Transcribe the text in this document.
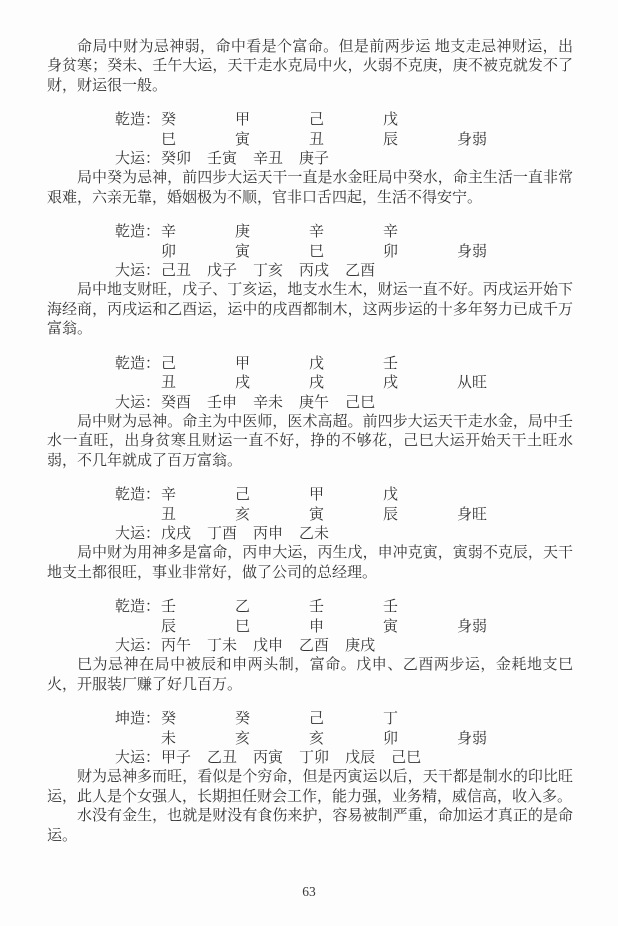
命局中财为忌神弱，命中看是个富命。但是前两步运 地支走忌神财运，出身贫寒；癸未、壬午大运，天干走水克局中火，火弱不克庚，庚不被克就发不了财，财运很一般。

乾造： 癸	甲	己	戊
巳	寅	丑	辰	身弱
大运： 癸卯 壬寅 辛丑 庚子

局中癸为忌神，前四步大运天干一直是水金旺局中癸水，命主生活一直非常艰难，六亲无靠，婚姻极为不顺，官非口舌四起，生活不得安宁。

乾造： 辛	庚	辛	辛
卯	寅	巳	卯	身弱
大运： 己丑 戊子 丁亥 丙戌 乙酉

局中地支财旺，戊子、丁亥运，地支水生木，财运一直不好。丙戌运开始下海经商，丙戌运和乙酉运，运中的戌酉都制木，这两步运的十多年努力已成千万富翁。

乾造： 己	甲	戊	壬
丑	戌	戌	戌	从旺
大运： 癸酉 壬申 辛未 庚午 己巳

局中财为忌神。命主为中医师，医术高超。前四步大运天干走水金，局中壬水一直旺，出身贫寒且财运一直不好，挣的不够花，己巳大运开始天干土旺水弱，不几年就成了百万富翁。

乾造： 辛	己	甲	戊
丑	亥	寅	辰	身旺
大运： 戊戌 丁酉 丙申 乙未

局中财为用神多是富命，丙申大运，丙生戊，申冲克寅，寅弱不克辰，天干地支土都很旺，事业非常好，做了公司的总经理。

乾造： 壬	乙	壬	壬
辰	巳	申	寅	身弱
大运： 丙午 丁未 戊申 乙酉 庚戌

巳为忌神在局中被辰和申两头制，富命。戊申、乙酉两步运，金耗地支巳火，开服装厂赚了好几百万。

坤造： 癸	癸	己	丁
未	亥	亥	卯	身弱
大运： 甲子 乙丑 丙寅 丁卯 戊辰 己巳

财为忌神多而旺，看似是个穷命，但是丙寅运以后，天干都是制水的印比旺运，此人是个女强人，长期担任财会工作，能力强，业务精，威信高，收入多。

水没有金生，也就是财没有食伤来护，容易被制严重，命加运才真正的是命运。

63
